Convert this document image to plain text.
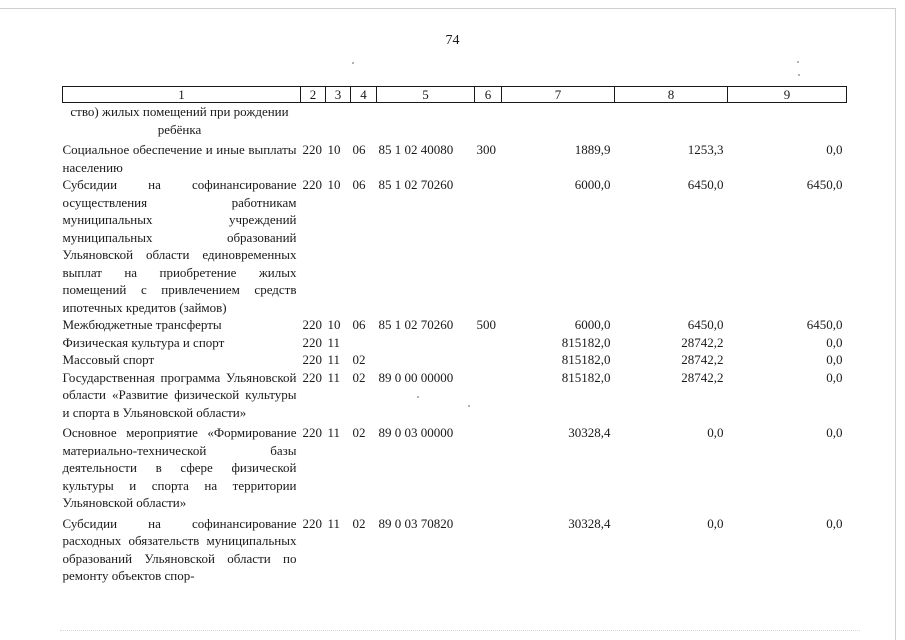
74
1	2	3	4	5	6	7	8	9
ство) жилых помещений при рождении ребёнка								
Социальное обеспечение и иные выплаты населению	220	10	06	85 1 02 40080	300	1889,9	1253,3	0,0
Субсидии на софинансирование осуществления работникам муниципальных учреждений муниципальных образований Ульяновской области единовременных выплат на приобретение жилых помещений с привлечением средств ипотечных кредитов (займов)	220	10	06	85 1 02 70260		6000,0	6450,0	6450,0
Межбюджетные трансферты	220	10	06	85 1 02 70260	500	6000,0	6450,0	6450,0
Физическая культура и спорт	220	11				815182,0	28742,2	0,0
Массовый спорт	220	11	02			815182,0	28742,2	0,0
Государственная программа Ульяновской области «Развитие физической культуры и спорта в Ульяновской области»	220	11	02	89 0 00 00000		815182,0	28742,2	0,0
Основное мероприятие «Формирование материально-технической базы деятельности в сфере физической культуры и спорта на территории Ульяновской области»	220	11	02	89 0 03 00000		30328,4	0,0	0,0
Субсидии на софинансирование расходных обязательств муниципальных образований Ульяновской области по ремонту объектов спор-	220	11	02	89 0 03 70820		30328,4	0,0	0,0
